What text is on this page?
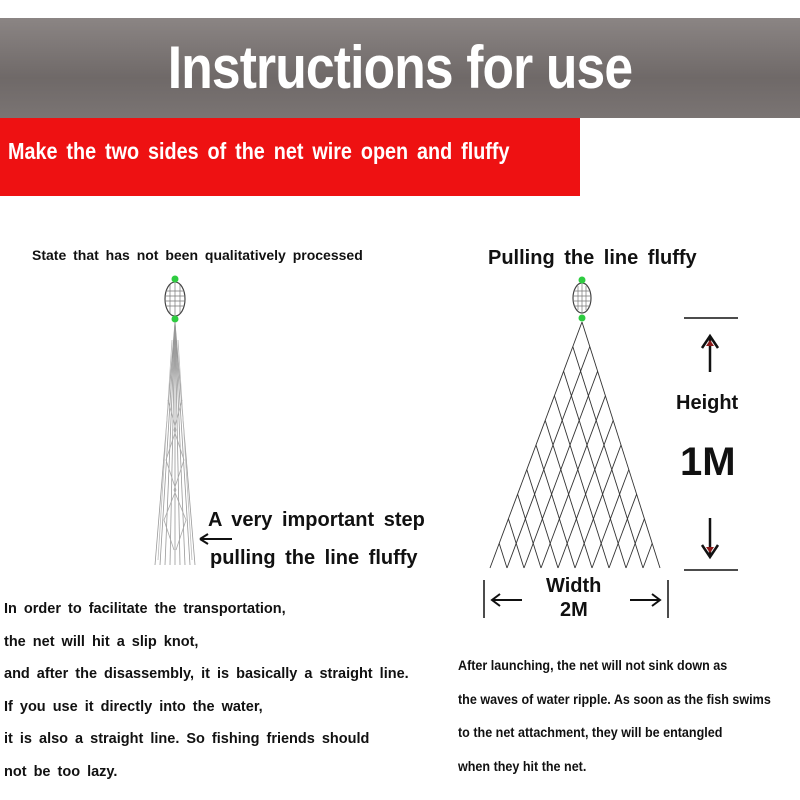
Instructions for use
Make the two sides of the net wire open and fluffy
State that has not been qualitatively processed	Pulling the line fluffy
A very important step
pulling the line fluffy
Height
1M
Width
2M
In order to facilitate the transportation,
the net will hit a slip knot,
and after the disassembly, it is basically a straight line.
If you use it directly into the water,
it is also a straight line. So fishing friends should
not be too lazy.
After launching, the net will not sink down as
the waves of water ripple. As soon as the fish swims
to the net attachment, they will be entangled
when they hit the net.
